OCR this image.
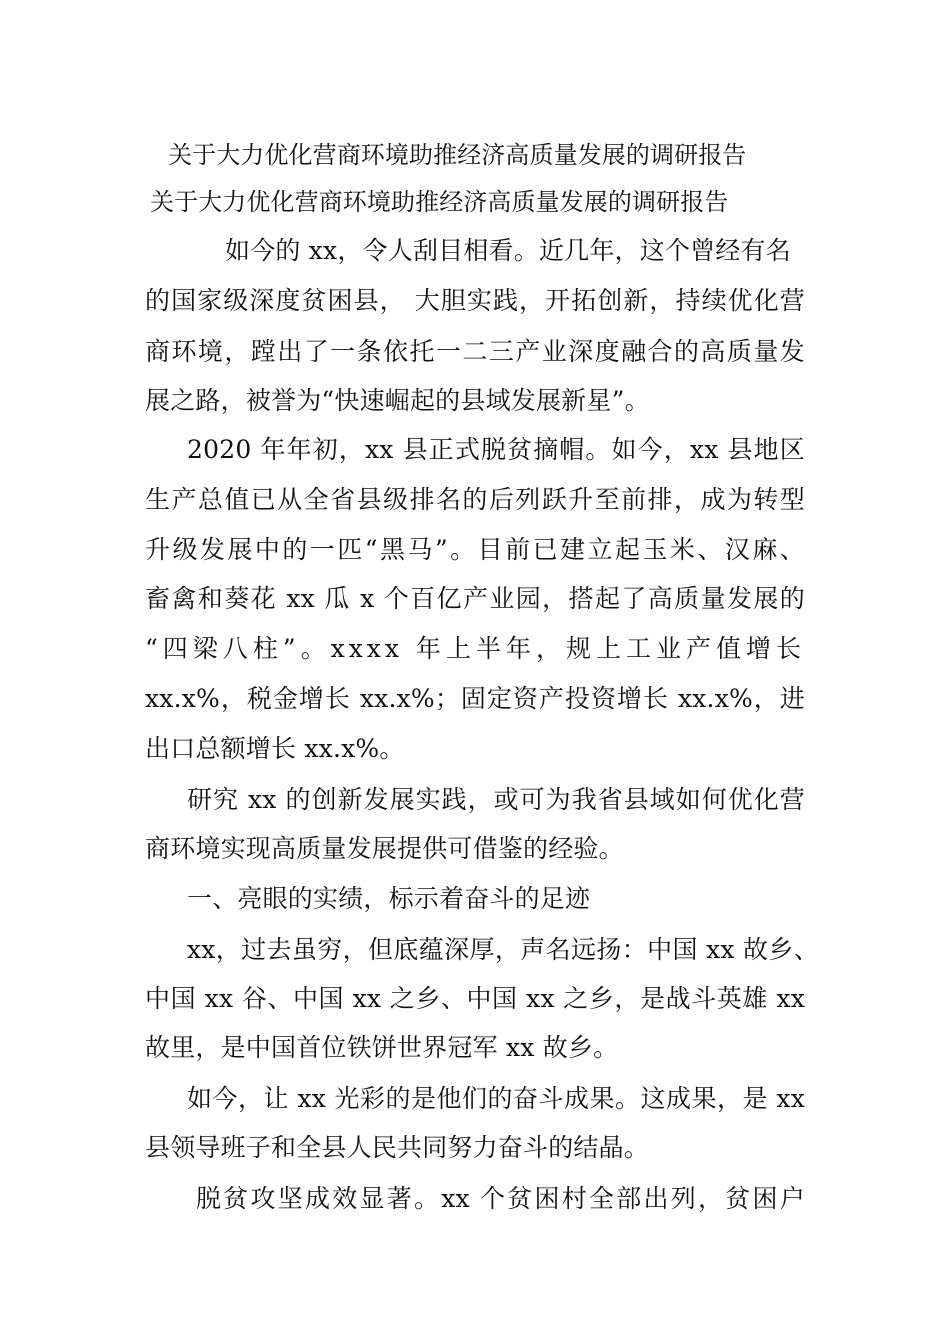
关于大力优化营商环境助推经济高质量发展的调研报告
关于大力优化营商环境助推经济高质量发展的调研报告
如今的 xx，令人刮目相看。近几年，这个曾经有名
的国家级深度贫困县， 大胆实践，开拓创新，持续优化营
商环境，蹚出了一条依托一二三产业深度融合的高质量发
展之路，被誉为“快速崛起的县域发展新星”。
2020 年年初，xx 县正式脱贫摘帽。如今，xx 县地区
生产总值已从全省县级排名的后列跃升至前排，成为转型
升级发展中的一匹“黑马”。目前已建立起玉米、汉麻、
畜禽和葵花 xx 瓜 x 个百亿产业园，搭起了高质量发展的
“四梁八柱”。xxxx 年上半年，规上工业产值增长
xx.x%，税金增长 xx.x%；固定资产投资增长 xx.x%，进
出口总额增长 xx.x%。
研究 xx 的创新发展实践，或可为我省县域如何优化营
商环境实现高质量发展提供可借鉴的经验。
一、亮眼的实绩，标示着奋斗的足迹
xx，过去虽穷，但底蕴深厚，声名远扬：中国 xx 故乡、
中国 xx 谷、中国 xx 之乡、中国 xx 之乡，是战斗英雄 xx
故里，是中国首位铁饼世界冠军 xx 故乡。
如今，让 xx 光彩的是他们的奋斗成果。这成果，是 xx
县领导班子和全县人民共同努力奋斗的结晶。
脱贫攻坚成效显著。xx 个贫困村全部出列，贫困户
